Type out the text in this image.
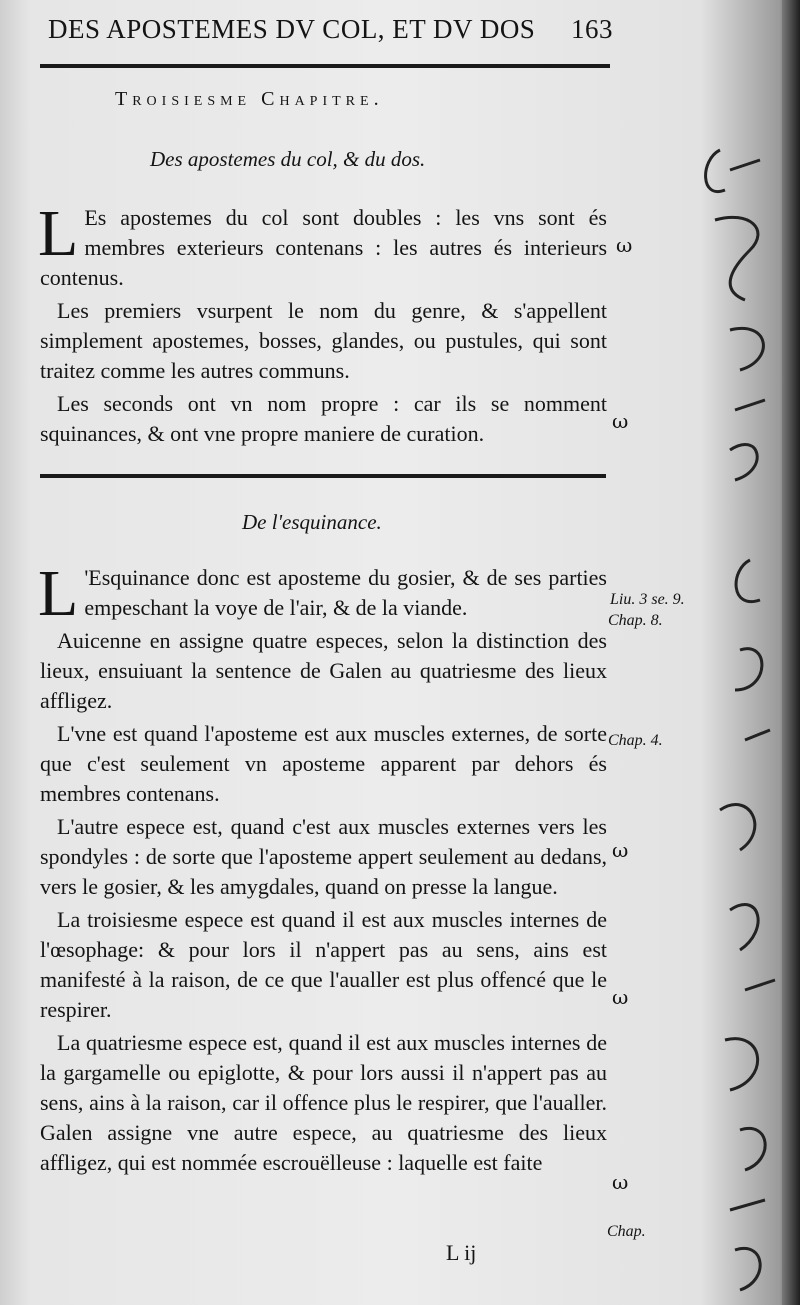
DES APOSTEMES DV COL, ET DV DOS 163
Troisiesme Chapitre.
Des apostemes du col, & du dos.

L Es apostemes du col sont doubles : les vns sont és membres exterieurs contenans : les autres és interieurs contenus.

Les premiers vsurpent le nom du genre, & s'appellent simplement apostemes, bosses, glandes, ou pustules, qui sont traitez comme les autres communs.

Les seconds ont vn nom propre : car ils se nomment squinances, & ont vne propre maniere de curation.

De l'esquinance.

L 'Esquinance donc est aposteme du gosier, & de ses parties empeschant la voye de l'air, & de la viande.

Auicenne en assigne quatre especes, selon la distinction des lieux, ensuiuant la sentence de Galen au quatriesme des lieux affligez.

L'vne est quand l'aposteme est aux muscles externes, de sorte que c'est seulement vn aposteme apparent par dehors és membres contenans.

L'autre espece est, quand c'est aux muscles externes vers les spondyles : de sorte que l'aposteme appert seulement au dedans, vers le gosier, & les amygdales, quand on presse la langue.

La troisiesme espece est quand il est aux muscles internes de l'œsophage: & pour lors il n'appert pas au sens, ains est manifesté à la raison, de ce que l'aualler est plus offencé que le respirer.

La quatriesme espece est, quand il est aux muscles internes de la gargamelle ou epiglotte, & pour lors aussi il n'appert pas au sens, ains à la raison, car il offence plus le respirer, que l'aualler. Galen assigne vne autre espece, au quatriesme des lieux affligez, qui est nommée escrouëlleuse : laquelle est faite

Liu. 3 se. 9.
Chap. 8.
Chap. 4.
Chap.
ω
ω
ω
ω
ω
L ij
